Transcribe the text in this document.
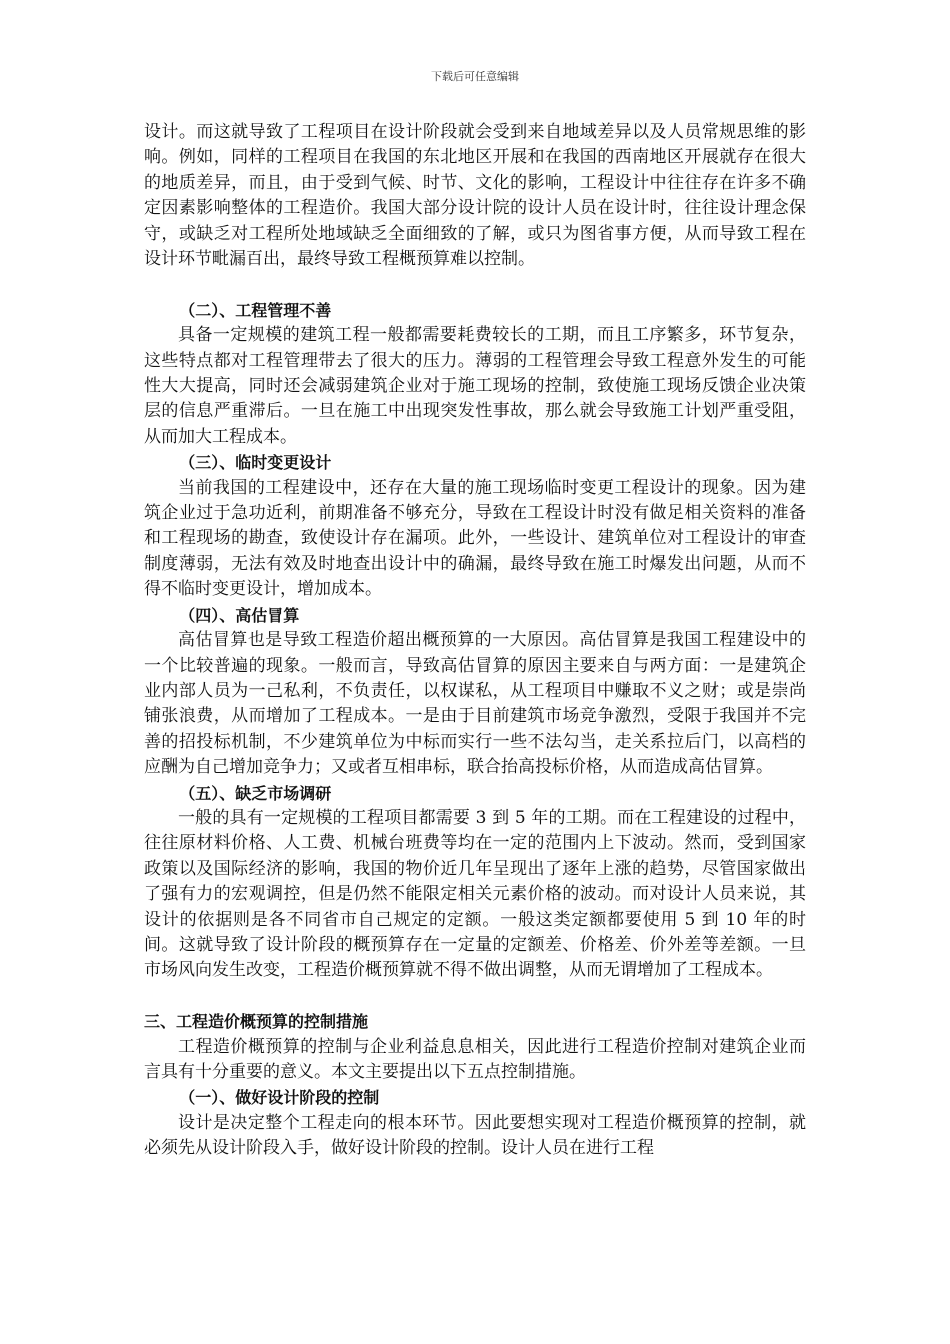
下载后可任意编辑

设计。而这就导致了工程项目在设计阶段就会受到来自地域差异以及人员常规思维的影响。例如，同样的工程项目在我国的东北地区开展和在我国的西南地区开展就存在很大的地质差异，而且，由于受到气候、时节、文化的影响，工程设计中往往存在许多不确定因素影响整体的工程造价。我国大部分设计院的设计人员在设计时，往往设计理念保守，或缺乏对工程所处地域缺乏全面细致的了解，或只为图省事方便，从而导致工程在设计环节毗漏百出，最终导致工程概预算难以控制。

（二）、工程管理不善

具备一定规模的建筑工程一般都需要耗费较长的工期，而且工序繁多，环节复杂，这些特点都对工程管理带去了很大的压力。薄弱的工程管理会导致工程意外发生的可能性大大提高，同时还会减弱建筑企业对于施工现场的控制，致使施工现场反馈企业决策层的信息严重滞后。一旦在施工中出现突发性事故，那么就会导致施工计划严重受阻，从而加大工程成本。

（三）、临时变更设计

当前我国的工程建设中，还存在大量的施工现场临时变更工程设计的现象。因为建筑企业过于急功近利，前期准备不够充分，导致在工程设计时没有做足相关资料的准备和工程现场的勘查，致使设计存在漏项。此外，一些设计、建筑单位对工程设计的审查制度薄弱，无法有效及时地查出设计中的确漏，最终导致在施工时爆发出问题，从而不得不临时变更设计，增加成本。

（四）、高估冒算

高估冒算也是导致工程造价超出概预算的一大原因。高估冒算是我国工程建设中的一个比较普遍的现象。一般而言，导致高估冒算的原因主要来自与两方面：一是建筑企业内部人员为一己私利，不负责任，以权谋私，从工程项目中赚取不义之财；或是崇尚铺张浪费，从而增加了工程成本。一是由于目前建筑市场竞争激烈，受限于我国并不完善的招投标机制，不少建筑单位为中标而实行一些不法勾当，走关系拉后门，以高档的应酬为自己增加竞争力；又或者互相串标，联合抬高投标价格，从而造成高估冒算。

（五）、缺乏市场调研

一般的具有一定规模的工程项目都需要 3 到 5 年的工期。而在工程建设的过程中，往往原材料价格、人工费、机械台班费等均在一定的范围内上下波动。然而，受到国家政策以及国际经济的影响，我国的物价近几年呈现出了逐年上涨的趋势，尽管国家做出了强有力的宏观调控，但是仍然不能限定相关元素价格的波动。而对设计人员来说，其设计的依据则是各不同省市自己规定的定额。一般这类定额都要使用 5 到 10 年的时间。这就导致了设计阶段的概预算存在一定量的定额差、价格差、价外差等差额。一旦市场风向发生改变，工程造价概预算就不得不做出调整，从而无谓增加了工程成本。

三、工程造价概预算的控制措施

工程造价概预算的控制与企业利益息息相关，因此进行工程造价控制对建筑企业而言具有十分重要的意义。本文主要提出以下五点控制措施。

（一）、做好设计阶段的控制

设计是决定整个工程走向的根本环节。因此要想实现对工程造价概预算的控制，就必须先从设计阶段入手，做好设计阶段的控制。设计人员在进行工程
